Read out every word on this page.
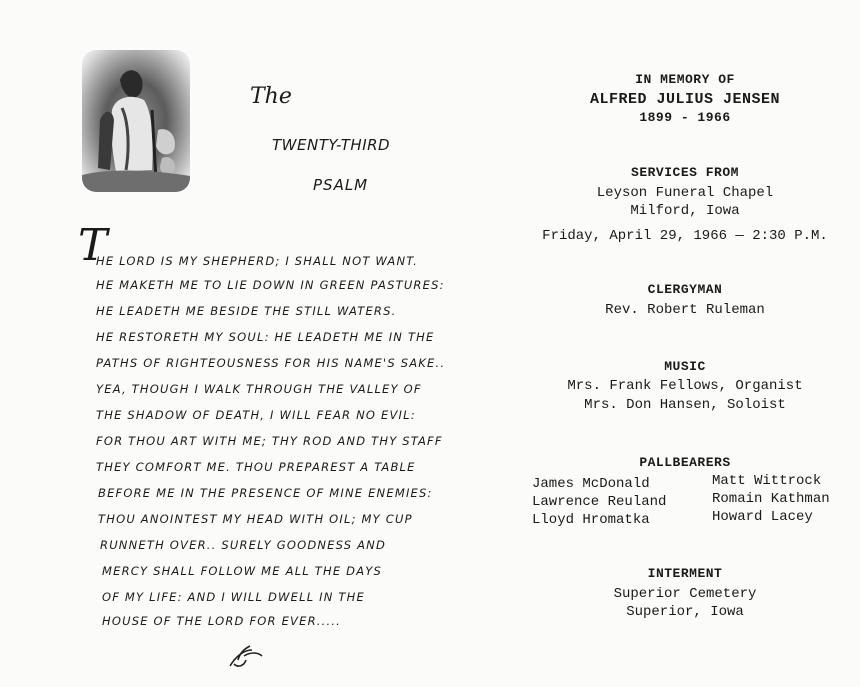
The
TWENTY-THIRD
PSALM
T
HE LORD IS MY SHEPHERD; I SHALL NOT WANT.
HE MAKETH ME TO LIE DOWN IN GREEN PASTURES:
HE LEADETH ME BESIDE THE STILL WATERS.
HE RESTORETH MY SOUL: HE LEADETH ME IN THE
PATHS OF RIGHTEOUSNESS FOR HIS NAME'S SAKE..
YEA, THOUGH I WALK THROUGH THE VALLEY OF
THE SHADOW OF DEATH, I WILL FEAR NO EVIL:
FOR THOU ART WITH ME; THY ROD AND THY STAFF
THEY COMFORT ME. THOU PREPAREST A TABLE
BEFORE ME IN THE PRESENCE OF MINE ENEMIES:
THOU ANOINTEST MY HEAD WITH OIL; MY CUP
RUNNETH OVER.. SURELY GOODNESS AND
MERCY SHALL FOLLOW ME ALL THE DAYS
OF MY LIFE: AND I WILL DWELL IN THE
HOUSE OF THE LORD FOR EVER.....
IN MEMORY OF
ALFRED JULIUS JENSEN
1899 - 1966
SERVICES FROM
Leyson Funeral Chapel
Milford, Iowa
Friday, April 29, 1966 — 2:30 P.M.
CLERGYMAN
Rev. Robert Ruleman
MUSIC
Mrs. Frank Fellows, Organist
Mrs. Don Hansen, Soloist
PALLBEARERS
James McDonald
Lawrence Reuland
Lloyd Hromatka
Matt Wittrock
Romain Kathman
Howard Lacey
INTERMENT
Superior Cemetery
Superior, Iowa
